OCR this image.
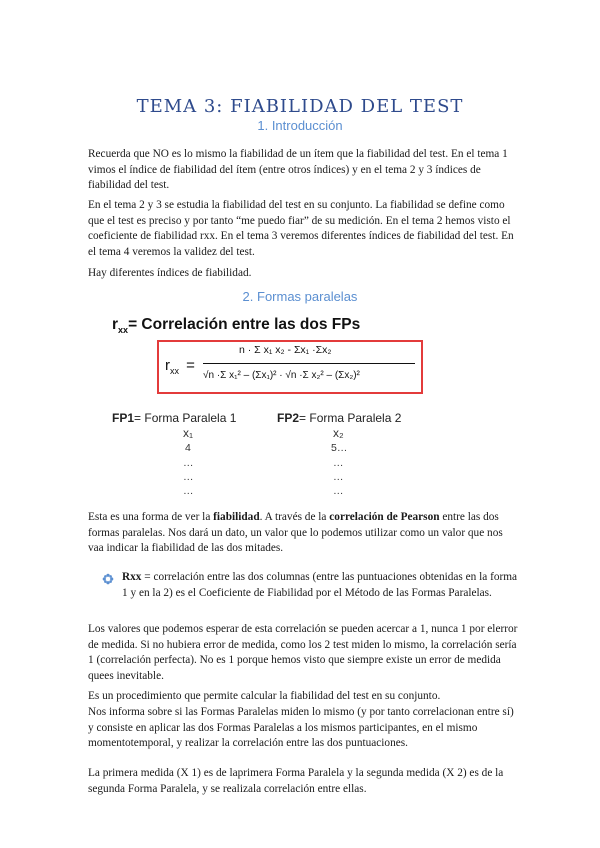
TEMA 3: FIABILIDAD DEL TEST
1. Introducción

Recuerda que NO es lo mismo la fiabilidad de un ítem que la fiabilidad del test. En el tema 1 vimos el índice de fiabilidad del ítem (entre otros índices) y en el tema 2 y 3 índices de fiabilidad del test.

En el tema 2 y 3 se estudia la fiabilidad del test en su conjunto. La fiabilidad se define como que el test es preciso y por tanto “me puedo fiar” de su medición. En el tema 2 hemos visto el coeficiente de fiabilidad rxx. En el tema 3 veremos diferentes índices de fiabilidad del test. En el tema 4 veremos la validez del test.

Hay diferentes índices de fiabilidad.

2. Formas paralelas
$r_{xx}=$ Correlación entre las dos FPs
$r_{xx}$ =
n · Σ x₁ x₂ - Σx₁ ·Σx₂
√n ·Σ x₁² – (Σx₁)² · √n ·Σ x₂² – (Σx₂)²
FP1= Forma Paralela 1	FP2= Forma Paralela 2
x₁	x₂
4
…
…
…
5…
…
…
…

Esta es una forma de ver la fiabilidad. A través de la correlación de Pearson entre las dos formas paralelas. Nos dará un dato, un valor que lo podemos utilizar como un valor que nos vaa indicar la fiabilidad de las dos mitades.

Rxx = correlación entre las dos columnas (entre las puntuaciones obtenidas en la forma 1 y en la 2) es el Coeficiente de Fiabilidad por el Método de las Formas Paralelas.

Los valores que podemos esperar de esta correlación se pueden acercar a 1, nunca 1 por elerror de medida. Si no hubiera error de medida, como los 2 test miden lo mismo, la correlación sería 1 (correlación perfecta). No es 1 porque hemos visto que siempre existe un error de medida quees inevitable.

Es un procedimiento que permite calcular la fiabilidad del test en su conjunto.

Nos informa sobre si las Formas Paralelas miden lo mismo (y por tanto correlacionan entre sí) y consiste en aplicar las dos Formas Paralelas a los mismos participantes, en el mismo momentotemporal, y realizar la correlación entre las dos puntuaciones.

La primera medida (X 1) es de laprimera Forma Paralela y la segunda medida (X 2) es de la segunda Forma Paralela, y se realizala correlación entre ellas.
